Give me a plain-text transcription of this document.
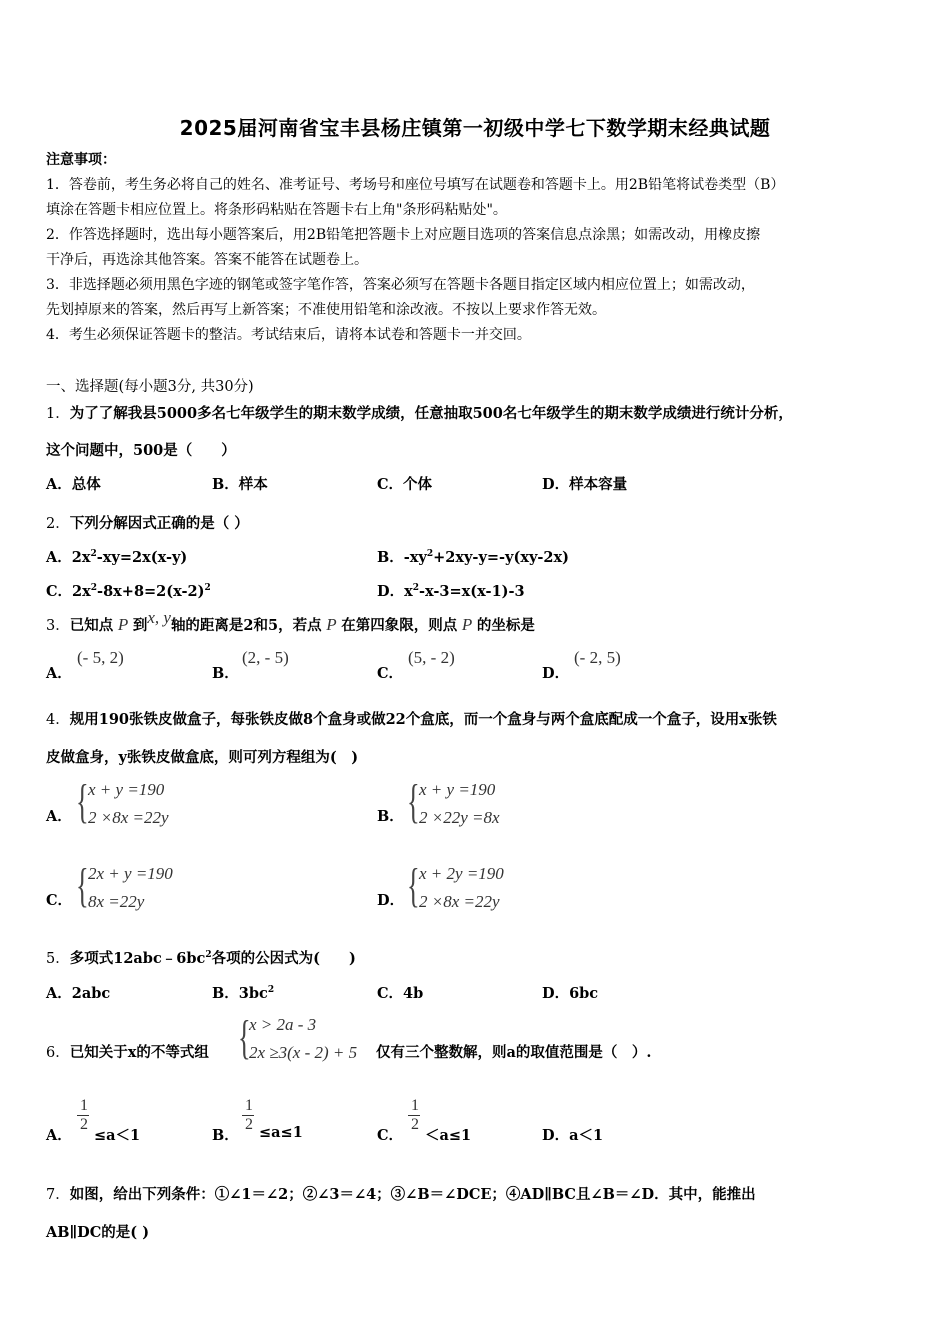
2025届河南省宝丰县杨庄镇第一初级中学七下数学期末经典试题
注意事项：
1．答卷前，考生务必将自己的姓名、准考证号、考场号和座位号填写在试题卷和答题卡上。用2B铅笔将试卷类型（B）
填涂在答题卡相应位置上。将条形码粘贴在答题卡右上角"条形码粘贴处"。
2．作答选择题时，选出每小题答案后，用2B铅笔把答题卡上对应题目选项的答案信息点涂黑；如需改动，用橡皮擦
干净后，再选涂其他答案。答案不能答在试题卷上。
3．非选择题必须用黑色字迹的钢笔或签字笔作答，答案必须写在答题卡各题目指定区域内相应位置上；如需改动，
先划掉原来的答案，然后再写上新答案；不准使用铅笔和涂改液。不按以上要求作答无效。
4．考生必须保证答题卡的整洁。考试结束后，请将本试卷和答题卡一并交回。
一、选择题(每小题3分, 共30分)
1．为了了解我县5000多名七年级学生的期末数学成绩，任意抽取500名七年级学生的期末数学成绩进行统计分析，
这个问题中，500是（　　）
A．总体	B．样本	C．个体	D．样本容量
2．下列分解因式正确的是（ ）
A．$2x^2-xy=2x(x-y)$	B．$-xy^2+2xy-y=-y(xy-2x)$
C．$2x^2-8x+8=2(x-2)^2$	D．$x^2-x-3=x(x-1)-3$
3．已知点 P 到x, y轴的距离是2和5，若点 P 在第四象限，则点 P 的坐标是
A．
(- 5, 2)
B．
(2, - 5)
C．
(5, - 2)
D．
(- 2, 5)
4．规用190张铁皮做盒子，每张铁皮做8个盒身或做22个盒底，而一个盒身与两个盒底配成一个盒子，设用x张铁
皮做盒身，y张铁皮做盒底，则可列方程组为(　)
A． { x + y =190
2 ×8x =22y	B． { x + y =190
2 ×22y =8x
C． { 2x + y =190
8x =22y	D． { x + 2y =190
2 ×8x =22y
5．多项式$12abc﹣6bc^2$各项的公因式为(　　)
A．2abc	B．$3bc^2$	C．4b	D．6bc
6．已知关于x的不等式组 {
x > 2a - 3
2x ≥3(x - 2) + 5 仅有三个整数解，则a的取值范围是（　）.
A．
1
2
≤a＜1	B．
1
2 ≤a≤1	C．
1
2
＜a≤1	D．a＜1
7．如图，给出下列条件：①∠1＝∠2；②∠3＝∠4；③∠B＝∠DCE；④AD∥BC且∠B＝∠D．其中，能推出
AB∥DC的是( )
